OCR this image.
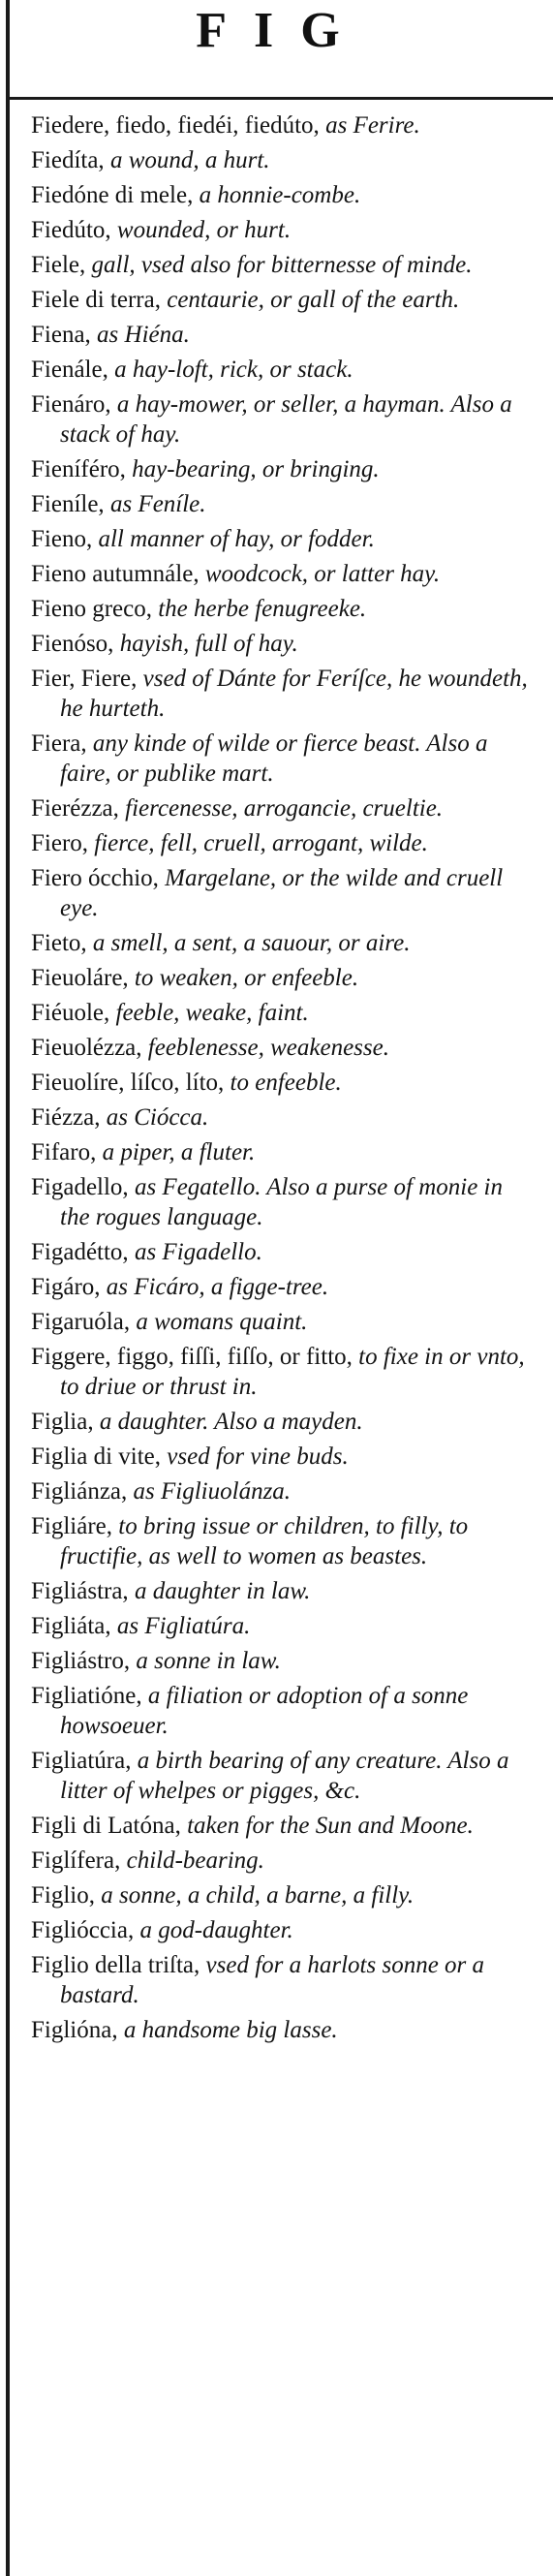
FIG
Fiedere, fiedo, fiedéi, fiedúto, as Ferire.
Fiedíta, a wound, a hurt.
Fiedóne di mele, a honnie-combe.
Fiedúto, wounded, or hurt.
Fiele, gall, vsed also for bitternesse of minde.
Fiele di terra, centaurie, or gall of the earth.
Fiena, as Hiéna.
Fienále, a hay-loft, rick, or stack.
Fienáro, a hay-mower, or seller, a hayman. Also a stack of hay.
Fieníféro, hay-bearing, or bringing.
Fieníle, as Feníle.
Fieno, all manner of hay, or fodder.
Fieno autumnále, woodcock, or latter hay.
Fieno greco, the herbe fenugreeke.
Fienóso, hayish, full of hay.
Fier, Fiere, vsed of Dánte for Feríſce, he woundeth, he hurteth.
Fiera, any kinde of wilde or fierce beast. Also a faire, or publike mart.
Fierézza, fiercenesse, arrogancie, crueltie.
Fiero, fierce, fell, cruell, arrogant, wilde.
Fiero ócchio, Margelane, or the wilde and cruell eye.
Fieto, a smell, a sent, a sauour, or aire.
Fieuoláre, to weaken, or enfeeble.
Fiéuole, feeble, weake, faint.
Fieuolézza, feeblenesse, weakenesse.
Fieuolíre, líſco, líto, to enfeeble.
Fiézza, as Ciócca.
Fifaro, a piper, a fluter.
Figadello, as Fegatello. Also a purse of monie in the rogues language.
Figadétto, as Figadello.
Figáro, as Ficáro, a figge-tree.
Figaruóla, a womans quaint.
Figgere, figgo, fiſſi, fiſſo, or fitto, to fixe in or vnto, to driue or thrust in.
Figlia, a daughter. Also a mayden.
Figlia di vite, vsed for vine buds.
Figliánza, as Figliuolánza.
Figliáre, to bring issue or children, to filly, to fructifie, as well to women as beastes.
Figliástra, a daughter in law.
Figliáta, as Figliatúra.
Figliástro, a sonne in law.
Figliatióne, a filiation or adoption of a sonne howsoeuer.
Figliatúra, a birth bearing of any creature. Also a litter of whelpes or pigges, &c.
Figli di Latóna, taken for the Sun and Moone.
Figlífera, child-bearing.
Figlio, a sonne, a child, a barne, a filly.
Figlióccia, a god-daughter.
Figlio della triſta, vsed for a harlots sonne or a bastard.
Figlióna, a handsome big lasse.
